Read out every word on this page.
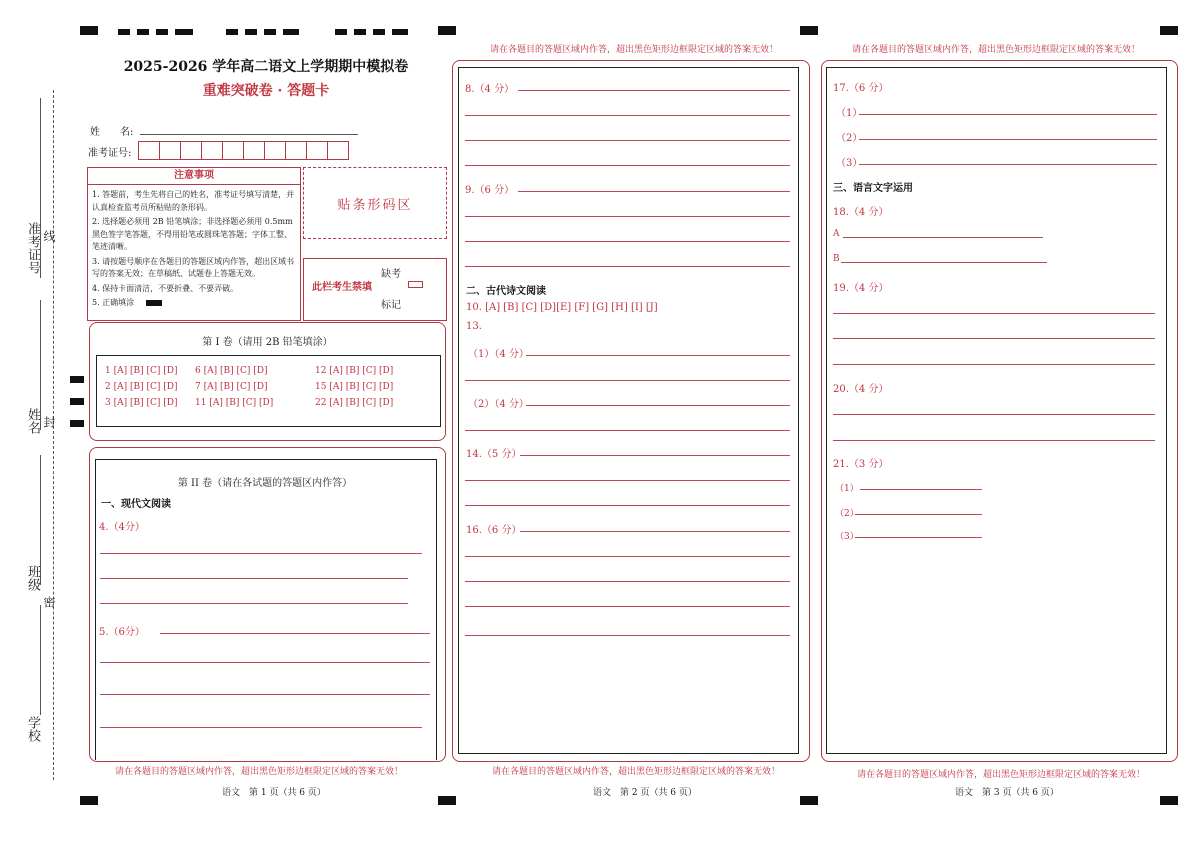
准考证号
姓名
班级
学校
线
封
密
2025-2026 学年高二语文上学期期中模拟卷
重难突破卷 · 答题卡
姓　　名:
准考证号:
注意事项
1. 答题前，考生先将自己的姓名，准考证号填写清楚，并认真检查监考员所粘贴的条形码。
2. 选择题必须用 2B 铅笔填涂；非选择题必须用 0.5mm 黑色签字笔答题，不得用铅笔或圆珠笔答题；字体工整、笔迹清晰。
3. 请按题号顺序在各题目的答题区域内作答，超出区域书写的答案无效；在草稿纸、试题卷上答题无效。
4. 保持卡面清洁，不要折叠、不要弄破。
5. 正确填涂
贴条形码区
此栏考生禁填
缺考
标记
第 I 卷（请用 2B 铅笔填涂）
1 [A] [B] [C] [D]
2 [A] [B] [C] [D]
3 [A] [B] [C] [D]
6 [A] [B] [C] [D]
7 [A] [B] [C] [D]
11 [A] [B] [C] [D]
12 [A] [B] [C] [D]
15 [A] [B] [C] [D]
22 [A] [B] [C] [D]
第 II 卷（请在各试题的答题区内作答）
一、现代文阅读
4.（4分）
5.（6分）
请在各题目的答题区域内作答，超出黑色矩形边框限定区域的答案无效！
语文　第 1 页（共 6 页）
请在各题目的答题区域内作答，超出黑色矩形边框限定区域的答案无效！
8.（4 分）
9.（6 分）
二、古代诗文阅读
10. [A] [B] [C] [D][E] [F] [G] [H] [I] [J]
13.
（1）（4 分）
（2）（4 分）
14.（5 分）
16.（6 分）
请在各题目的答题区域内作答，超出黑色矩形边框限定区域的答案无效！
语文　第 2 页（共 6 页）
请在各题目的答题区域内作答，超出黑色矩形边框限定区域的答案无效！
17.（6 分）
（1）
（2）
（3）
三、语言文字运用
18.（4 分）
A
B
19.（4 分）
20.（4 分）
21.（3 分）
（1）
（2）
（3）
请在各题目的答题区域内作答，超出黑色矩形边框限定区域的答案无效！
语文　第 3 页（共 6 页）
